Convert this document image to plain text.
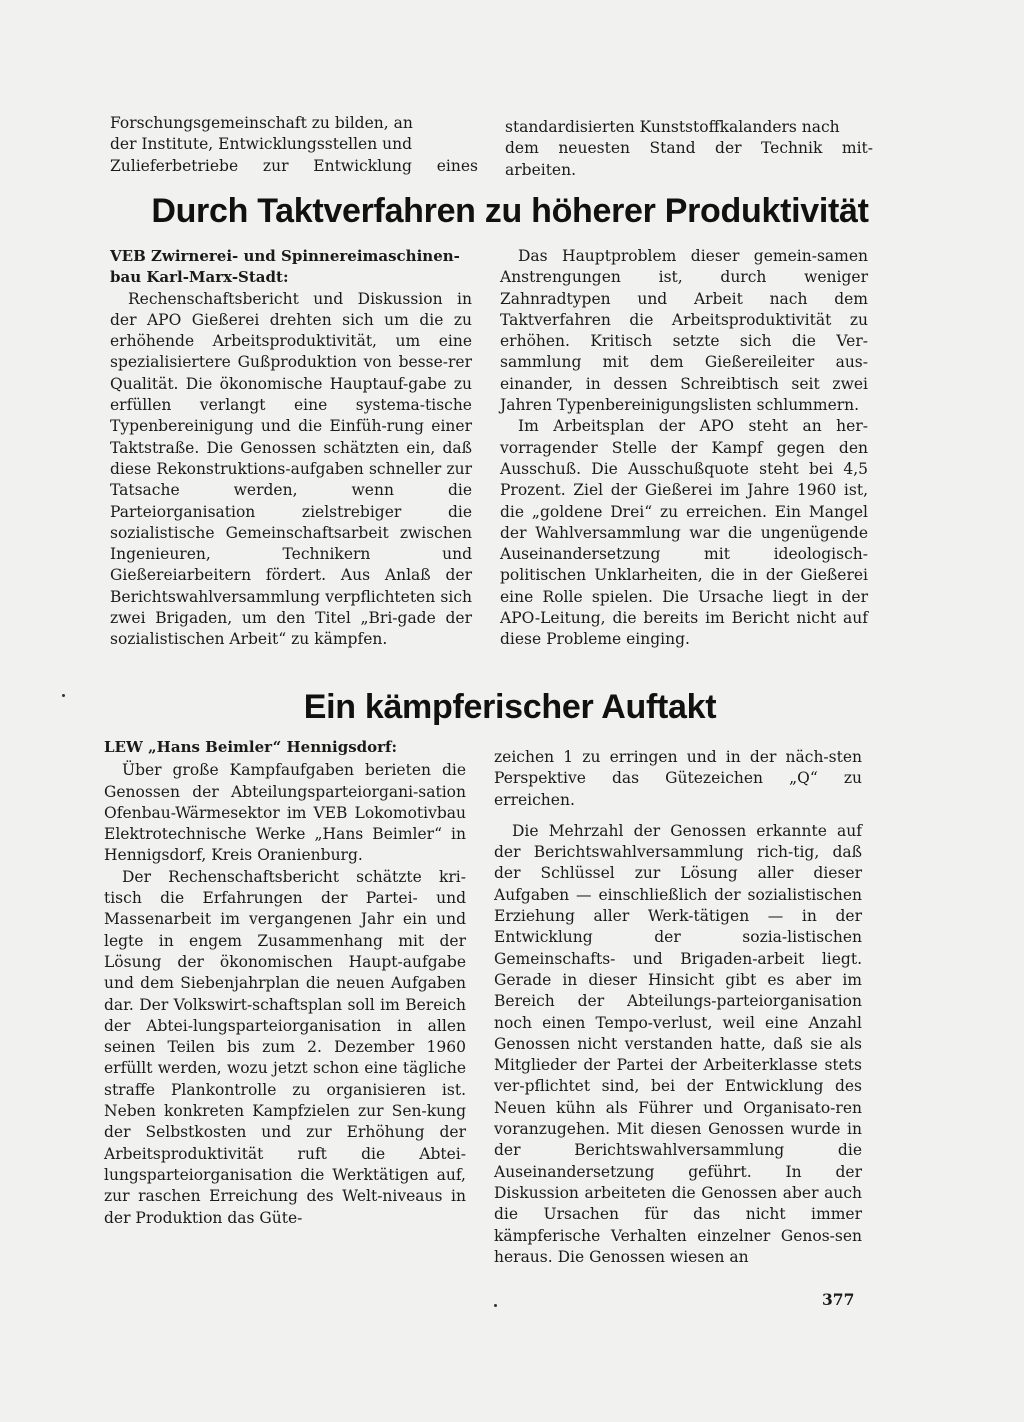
Forschungsgemeinschaft zu bilden, an

der Institute, Entwicklungsstellen und

Zulieferbetriebe zur Entwicklung eines

standardisierten Kunststoffkalanders nach

dem neuesten Stand der Technik mit-

arbeiten.

Durch Taktverfahren zu höherer Produktivität

VEB Zwirnerei- und Spinnereimaschinen-bau Karl-Marx-Stadt:

Rechenschaftsbericht und Diskussion in der APO Gießerei drehten sich um die zu erhöhende Arbeitsproduktivität, um eine spezialisiertere Gußproduktion von besse-rer Qualität. Die ökonomische Hauptauf-gabe zu erfüllen verlangt eine systema-tische Typenbereinigung und die Einfüh-rung einer Taktstraße. Die Genossen schätzten ein, daß diese Rekonstruktions-aufgaben schneller zur Tatsache werden, wenn die Parteiorganisation zielstrebiger die sozialistische Gemeinschaftsarbeit zwischen Ingenieuren, Technikern und Gießereiarbeitern fördert. Aus Anlaß der Berichtswahlversammlung verpflichteten sich zwei Brigaden, um den Titel „Bri-gade der sozialistischen Arbeit“ zu kämpfen.

Das Hauptproblem dieser gemein-samen Anstrengungen ist, durch weniger Zahnradtypen und Arbeit nach dem Taktverfahren die Arbeitsproduktivität zu erhöhen. Kritisch setzte sich die Ver-sammlung mit dem Gießereileiter aus-einander, in dessen Schreibtisch seit zwei Jahren Typenbereinigungslisten schlummern.

Im Arbeitsplan der APO steht an her-vorragender Stelle der Kampf gegen den Ausschuß. Die Ausschußquote steht bei 4,5 Prozent. Ziel der Gießerei im Jahre 1960 ist, die „goldene Drei“ zu erreichen. Ein Mangel der Wahlversammlung war die ungenügende Auseinandersetzung mit ideologisch-politischen Unklarheiten, die in der Gießerei eine Rolle spielen. Die Ursache liegt in der APO-Leitung, die bereits im Bericht nicht auf diese Probleme einging.

Ein kämpferischer Auftakt

LEW „Hans Beimler“ Hennigsdorf:

Über große Kampfaufgaben berieten die Genossen der Abteilungsparteiorgani-sation Ofenbau-Wärmesektor im VEB Lokomotivbau Elektrotechnische Werke „Hans Beimler“ in Hennigsdorf, Kreis Oranienburg.

Der Rechenschaftsbericht schätzte kri-tisch die Erfahrungen der Partei- und Massenarbeit im vergangenen Jahr ein und legte in engem Zusammenhang mit der Lösung der ökonomischen Haupt-aufgabe und dem Siebenjahrplan die neuen Aufgaben dar. Der Volkswirt-schaftsplan soll im Bereich der Abtei-lungsparteiorganisation in allen seinen Teilen bis zum 2. Dezember 1960 erfüllt werden, wozu jetzt schon eine tägliche straffe Plankontrolle zu organisieren ist. Neben konkreten Kampfzielen zur Sen-kung der Selbstkosten und zur Erhöhung der Arbeitsproduktivität ruft die Abtei-lungsparteiorganisation die Werktätigen auf, zur raschen Erreichung des Welt-niveaus in der Produktion das Güte-

zeichen 1 zu erringen und in der näch-sten Perspektive das Gütezeichen „Q“ zu erreichen.

Die Mehrzahl der Genossen erkannte auf der Berichtswahlversammlung rich-tig, daß der Schlüssel zur Lösung aller dieser Aufgaben — einschließlich der sozialistischen Erziehung aller Werk-tätigen — in der Entwicklung der sozia-listischen Gemeinschafts- und Brigaden-arbeit liegt. Gerade in dieser Hinsicht gibt es aber im Bereich der Abteilungs-parteiorganisation noch einen Tempo-verlust, weil eine Anzahl Genossen nicht verstanden hatte, daß sie als Mitglieder der Partei der Arbeiterklasse stets ver-pflichtet sind, bei der Entwicklung des Neuen kühn als Führer und Organisato-ren voranzugehen. Mit diesen Genossen wurde in der Berichtswahlversammlung die Auseinandersetzung geführt. In der Diskussion arbeiteten die Genossen aber auch die Ursachen für das nicht immer kämpferische Verhalten einzelner Genos-sen heraus. Die Genossen wiesen an

377
